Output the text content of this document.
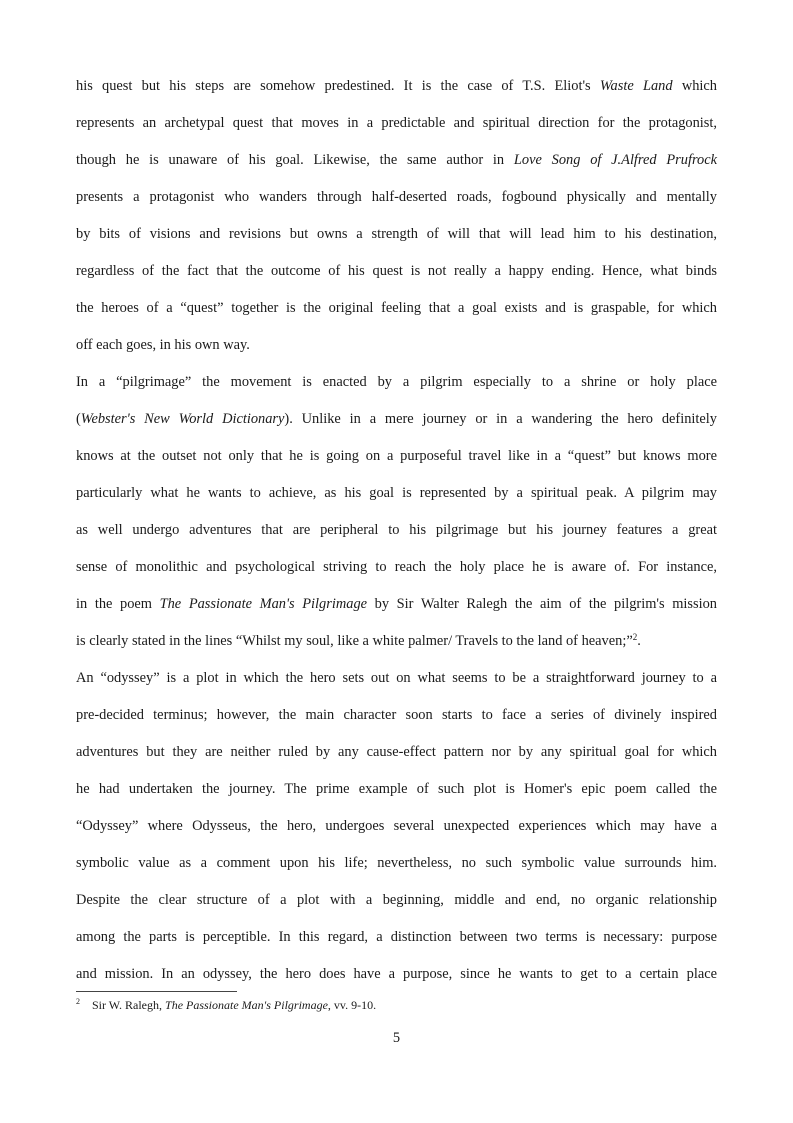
his quest but his steps are somehow predestined. It is the case of T.S. Eliot's Waste Land which
represents an archetypal quest that moves in a predictable and spiritual direction for the protagonist,
though he is unaware of his goal. Likewise, the same author in Love Song of J.Alfred Prufrock
presents a protagonist who wanders through half-deserted roads, fogbound physically and mentally
by bits of visions and revisions but owns a strength of will that will lead him to his destination,
regardless of the fact that the outcome of his quest is not really a happy ending. Hence, what binds
the heroes of a “quest” together is the original feeling that a goal exists and is graspable, for which
off each goes, in his own way.
In a “pilgrimage” the movement is enacted by a pilgrim especially to a shrine or holy place
(Webster's New World Dictionary). Unlike in a mere journey or in a wandering the hero definitely
knows at the outset not only that he is going on a purposeful travel like in a “quest” but knows more
particularly what he wants to achieve, as his goal is represented by a spiritual peak. A pilgrim may
as well undergo adventures that are peripheral to his pilgrimage but his journey features a great
sense of monolithic and psychological striving to reach the holy place he is aware of. For instance,
in the poem The Passionate Man's Pilgrimage by Sir Walter Ralegh the aim of the pilgrim's mission
is clearly stated in the lines “Whilst my soul, like a white palmer/ Travels to the land of heaven;”$^2$.
An “odyssey” is a plot in which the hero sets out on what seems to be a straightforward journey to a
pre-decided terminus; however, the main character soon starts to face a series of divinely inspired
adventures but they are neither ruled by any cause-effect pattern nor by any spiritual goal for which
he had undertaken the journey. The prime example of such plot is Homer's epic poem called the
“Odyssey” where Odysseus, the hero, undergoes several unexpected experiences which may have a
symbolic value as a comment upon his life; nevertheless, no such symbolic value surrounds him.
Despite the clear structure of a plot with a beginning, middle and end, no organic relationship
among the parts is perceptible. In this regard, a distinction between two terms is necessary: purpose
and mission. In an odyssey, the hero does have a purpose, since he wants to get to a certain place
2 Sir W. Ralegh, The Passionate Man's Pilgrimage, vv. 9-10.
5
